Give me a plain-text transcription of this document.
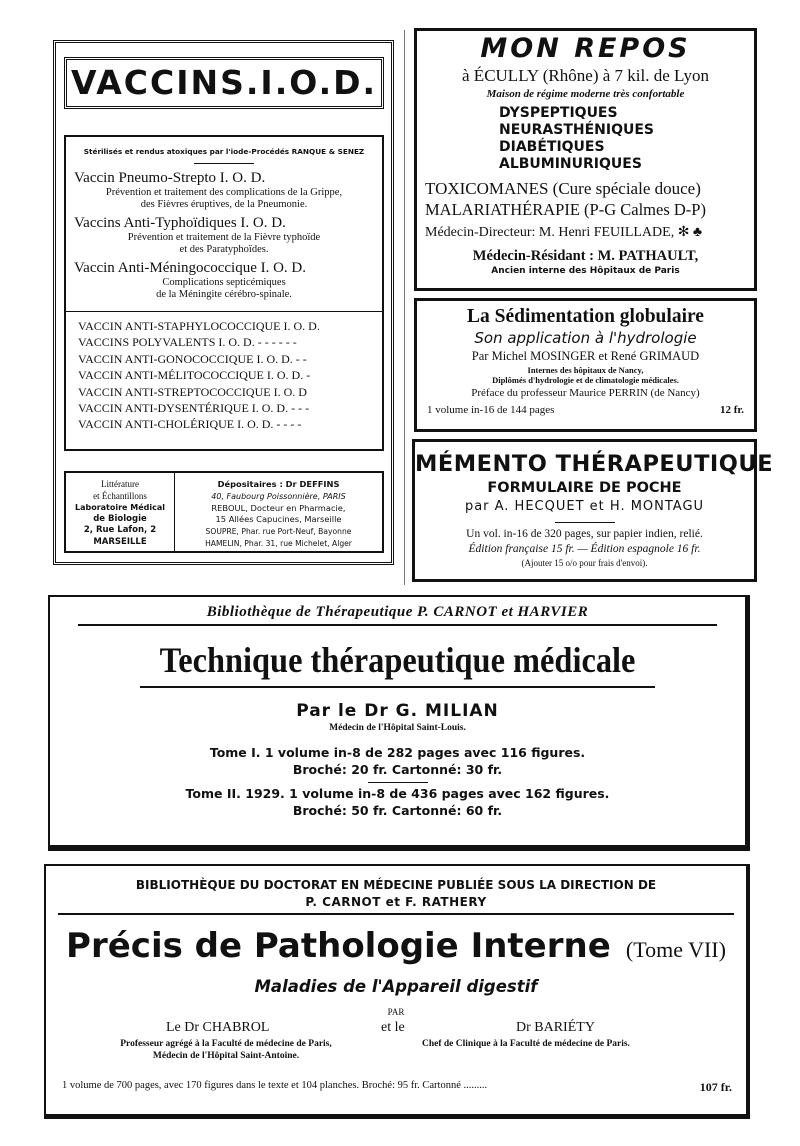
VACCINS.I.O.D.
Stérilisés et rendus atoxiques par l'iode-Procédés RANQUE & SENEZ
Vaccin Pneumo-Strepto I. O. D.
Prévention et traitement des complications de la Grippe,
des Fièvres éruptives, de la Pneumonie.
Vaccins Anti-Typhoïdiques I. O. D.
Prévention et traitement de la Fièvre typhoïde
et des Paratyphoïdes.
Vaccin Anti-Méningococcique I. O. D.
Complications septicémiques
de la Méningite cérébro-spinale.
VACCIN ANTI-STAPHYLOCOCCIQUE I. O. D.
VACCINS POLYVALENTS I. O. D. - - - - - -
VACCIN ANTI-GONOCOCCIQUE I. O. D. - -
VACCIN ANTI-MÉLITOCOCCIQUE I. O. D. -
VACCIN ANTI-STREPTOCOCCIQUE I. O. D
VACCIN ANTI-DYSENTÉRIQUE I. O. D. - - -
VACCIN ANTI-CHOLÉRIQUE I. O. D. - - - -
Littérature
et Échantillons
Laboratoire Médical
de Biologie
2, Rue Lafon, 2
MARSEILLE
Dépositaires : Dr DEFFINS
40, Faubourg Poissonnière, PARIS
REBOUL, Docteur en Pharmacie,
15 Allées Capucines, Marseille
SOUPRE, Phar. rue Port-Neuf, Bayonne
HAMELIN, Phar. 31, rue Michelet, Alger
MON REPOS
à ÉCULLY (Rhône) à 7 kil. de Lyon
Maison de régime moderne très confortable
DYSPEPTIQUES
NEURASTHÉNIQUES
DIABÉTIQUES
ALBUMINURIQUES
TOXICOMANES (Cure spéciale douce)
MALARIATHÉRAPIE (P-G Calmes D-P)
Médecin-Directeur: M. Henri FEUILLADE, ✻ ♣
Médecin-Résidant : M. PATHAULT,
Ancien interne des Hôpitaux de Paris
La Sédimentation globulaire
Son application à l'hydrologie
Par Michel MOSINGER et René GRIMAUD
Internes des hôpitaux de Nancy,
Diplômés d'hydrologie et de climatologie médicales.
Préface du professeur Maurice PERRIN (de Nancy)
1 volume in-16 de 144 pages	12 fr.
MÉMENTO THÉRAPEUTIQUE
FORMULAIRE DE POCHE
par A. HECQUET et H. MONTAGU
Un vol. in-16 de 320 pages, sur papier indien, relié.
Édition française 15 fr. — Édition espagnole 16 fr.
(Ajouter 15 o/o pour frais d'envoi).
Bibliothèque de Thérapeutique P. CARNOT et HARVIER
Technique thérapeutique médicale
Par le Dr G. MILIAN
Médecin de l'Hôpital Saint-Louis.
Tome I. 1 volume in-8 de 282 pages avec 116 figures.
Broché: 20 fr. Cartonné: 30 fr.
Tome II. 1929. 1 volume in-8 de 436 pages avec 162 figures.
Broché: 50 fr. Cartonné: 60 fr.
BIBLIOTHÈQUE DU DOCTORAT EN MÉDECINE PUBLIÉE SOUS LA DIRECTION DE
P. CARNOT et F. RATHERY
Précis de Pathologie Interne (Tome VII)
Maladies de l'Appareil digestif
PAR
Le Dr CHABROL	et le	Dr BARIÉTY
Professeur agrégé à la Faculté de médecine de Paris,
Médecin de l'Hôpital Saint-Antoine.
Chef de Clinique à la Faculté de médecine de Paris.
1 volume de 700 pages, avec 170 figures dans le texte et 104 planches. Broché: 95 fr. Cartonné .........	107 fr.
